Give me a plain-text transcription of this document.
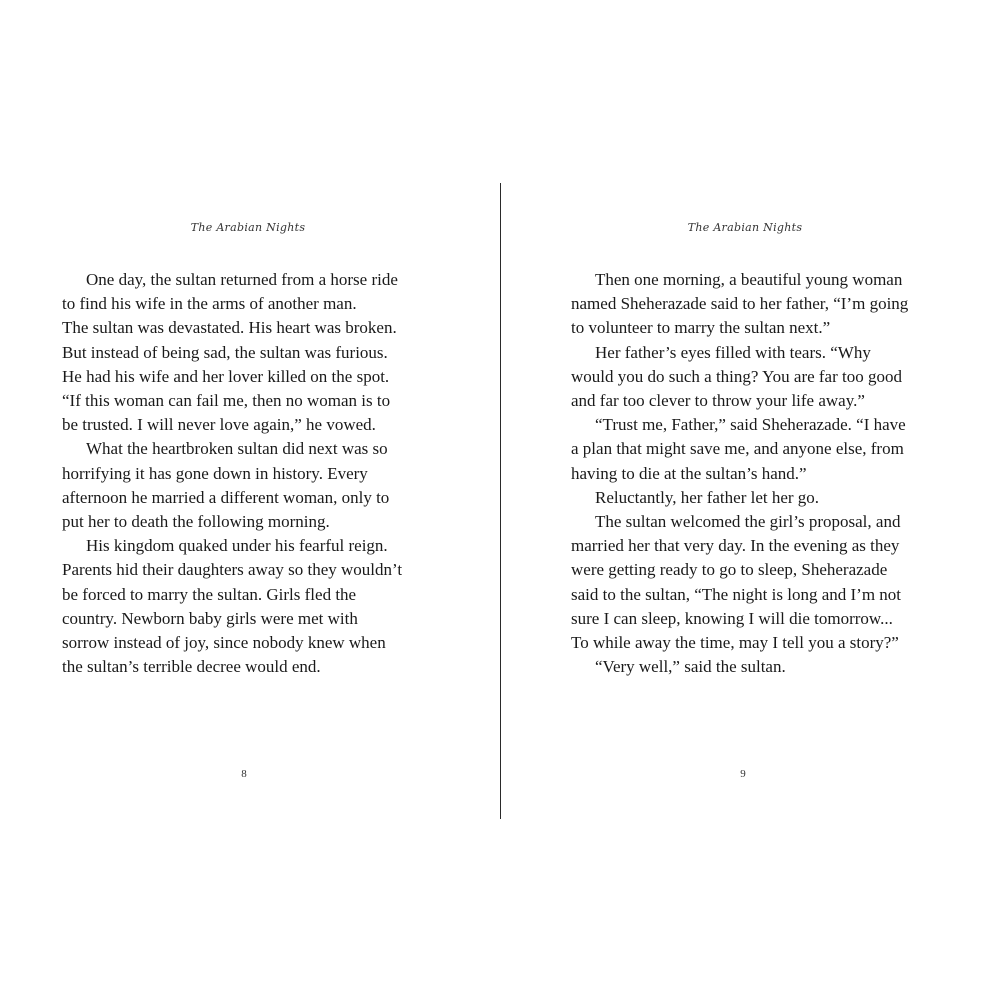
The Arabian Nights
One day, the sultan returned from a horse ride
to find his wife in the arms of another man.
The sultan was devastated. His heart was broken.
But instead of being sad, the sultan was furious.
He had his wife and her lover killed on the spot.
“If this woman can fail me, then no woman is to
be trusted. I will never love again,” he vowed.
What the heartbroken sultan did next was so
horrifying it has gone down in history. Every
afternoon he married a different woman, only to
put her to death the following morning.
His kingdom quaked under his fearful reign.
Parents hid their daughters away so they wouldn’t
be forced to marry the sultan. Girls fled the
country. Newborn baby girls were met with
sorrow instead of joy, since nobody knew when
the sultan’s terrible decree would end.
8
The Arabian Nights
Then one morning, a beautiful young woman
named Sheherazade said to her father, “I’m going
to volunteer to marry the sultan next.”
Her father’s eyes filled with tears. “Why
would you do such a thing? You are far too good
and far too clever to throw your life away.”
“Trust me, Father,” said Sheherazade. “I have
a plan that might save me, and anyone else, from
having to die at the sultan’s hand.”
Reluctantly, her father let her go.
The sultan welcomed the girl’s proposal, and
married her that very day. In the evening as they
were getting ready to go to sleep, Sheherazade
said to the sultan, “The night is long and I’m not
sure I can sleep, knowing I will die tomorrow...
To while away the time, may I tell you a story?”
“Very well,” said the sultan.
9
